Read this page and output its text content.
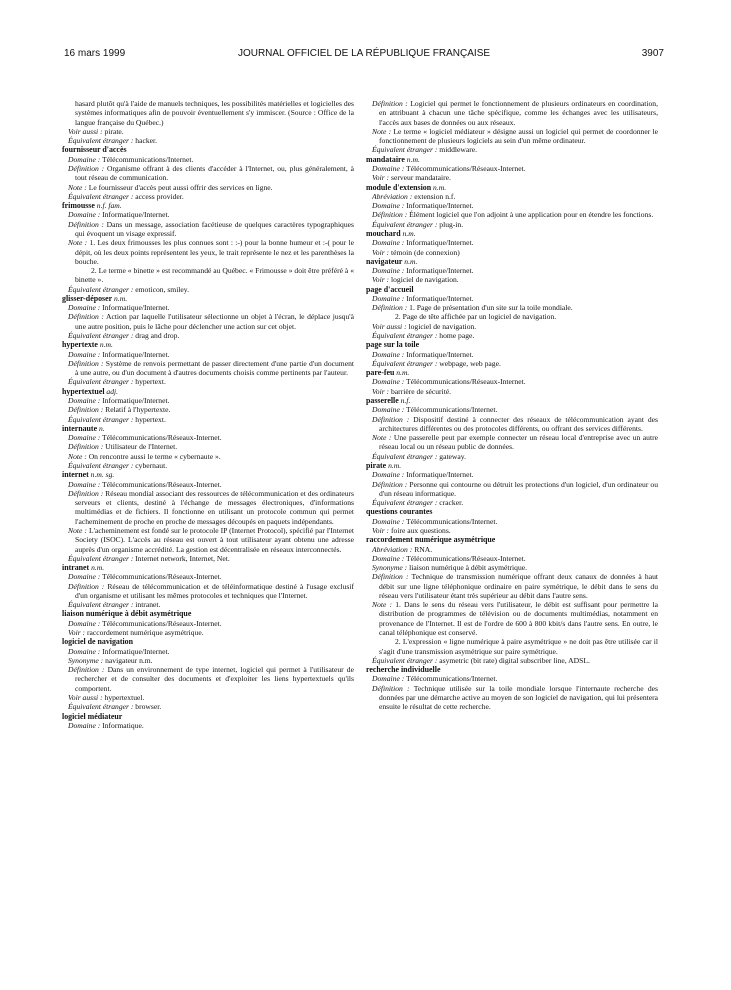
16 mars 1999	JOURNAL OFFICIEL DE LA RÉPUBLIQUE FRANÇAISE	3907
hasard plutôt qu'à l'aide de manuels techniques, les possibilités matérielles et logicielles des systèmes informatiques afin de pouvoir éventuellement s'y immiscer. (Source : Office de la langue française du Québec.)
Voir aussi : pirate.
Équivalent étranger : hacker.
fournisseur d'accès
Domaine : Télécommunications/Internet.
Définition : Organisme offrant à des clients d'accéder à l'Internet, ou, plus généralement, à tout réseau de communication.
Note : Le fournisseur d'accès peut aussi offrir des services en ligne.
Équivalent étranger : access provider.
frimousse n.f. fam.
Domaine : Informatique/Internet.
Définition : Dans un message, association facétieuse de quelques caractères typographiques qui évoquent un visage expressif.
Note : 1. Les deux frimousses les plus connues sont : :-) pour la bonne humeur et :-( pour le dépit, où les deux points représentent les yeux, le trait représente le nez et les parenthèses la bouche.
2. Le terme « binette » est recommandé au Québec. « Frimousse » doit être préféré à « binette ».
Équivalent étranger : emoticon, smiley.
glisser-déposer n.m.
Domaine : Informatique/Internet.
Définition : Action par laquelle l'utilisateur sélectionne un objet à l'écran, le déplace jusqu'à une autre position, puis le lâche pour déclencher une action sur cet objet.
Équivalent étranger : drag and drop.
hypertexte n.m.
Domaine : Informatique/Internet.
Définition : Système de renvois permettant de passer directement d'une partie d'un document à une autre, ou d'un document à d'autres documents choisis comme pertinents par l'auteur.
Équivalent étranger : hypertext.
hypertextuel adj.
Domaine : Informatique/Internet.
Définition : Relatif à l'hypertexte.
Équivalent étranger : hypertext.
internaute n.
Domaine : Télécommunications/Réseaux-Internet.
Définition : Utilisateur de l'Internet.
Note : On rencontre aussi le terme « cybernaute ».
Équivalent étranger : cybernaut.
internet n.m. sg.
Domaine : Télécommunications/Réseaux-Internet.
Définition : Réseau mondial associant des ressources de télécommunication et des ordinateurs serveurs et clients, destiné à l'échange de messages électroniques, d'informations multimédias et de fichiers. Il fonctionne en utilisant un protocole commun qui permet l'acheminement de proche en proche de messages découpés en paquets indépendants.
Note : L'acheminement est fondé sur le protocole IP (Internet Protocol), spécifié par l'Internet Society (ISOC). L'accès au réseau est ouvert à tout utilisateur ayant obtenu une adresse auprès d'un organisme accrédité. La gestion est décentralisée en réseaux interconnectés.
Équivalent étranger : Internet network, Internet, Net.
intranet n.m.
Domaine : Télécommunications/Réseaux-Internet.
Définition : Réseau de télécommunication et de téléinformatique destiné à l'usage exclusif d'un organisme et utilisant les mêmes protocoles et techniques que l'Internet.
Équivalent étranger : intranet.
liaison numérique à débit asymétrique
Domaine : Télécommunications/Réseaux-Internet.
Voir : raccordement numérique asymétrique.
logiciel de navigation
Domaine : Informatique/Internet.
Synonyme : navigateur n.m.
Définition : Dans un environnement de type internet, logiciel qui permet à l'utilisateur de rechercher et de consulter des documents et d'exploiter les liens hypertextuels qu'ils comportent.
Voir aussi : hypertextuel.
Équivalent étranger : browser.
logiciel médiateur
Domaine : Informatique.
Définition : Logiciel qui permet le fonctionnement de plusieurs ordinateurs en coordination, en attribuant à chacun une tâche spécifique, comme les échanges avec les utilisateurs, l'accès aux bases de données ou aux réseaux.
Note : Le terme « logiciel médiateur » désigne aussi un logiciel qui permet de coordonner le fonctionnement de plusieurs logiciels au sein d'un même ordinateur.
Équivalent étranger : middleware.
mandataire n.m.
Domaine : Télécommunications/Réseaux-Internet.
Voir : serveur mandataire.
module d'extension n.m.
Abréviation : extension n.f.
Domaine : Informatique/Internet.
Définition : Élément logiciel que l'on adjoint à une application pour en étendre les fonctions.
Équivalent étranger : plug-in.
mouchard n.m.
Domaine : Informatique/Internet.
Voir : témoin (de connexion)
navigateur n.m.
Domaine : Informatique/Internet.
Voir : logiciel de navigation.
page d'accueil
Domaine : Informatique/Internet.
Définition : 1. Page de présentation d'un site sur la toile mondiale.
2. Page de tête affichée par un logiciel de navigation.
Voir aussi : logiciel de navigation.
Équivalent étranger : home page.
page sur la toile
Domaine : Informatique/Internet.
Équivalent étranger : webpage, web page.
pare-feu n.m.
Domaine : Télécommunications/Réseaux-Internet.
Voir : barrière de sécurité.
passerelle n.f.
Domaine : Télécommunications/Internet.
Définition : Dispositif destiné à connecter des réseaux de télécommunication ayant des architectures différentes ou des protocoles différents, ou offrant des services différents.
Note : Une passerelle peut par exemple connecter un réseau local d'entreprise avec un autre réseau local ou un réseau public de données.
Équivalent étranger : gateway.
pirate n.m.
Domaine : Informatique/Internet.
Définition : Personne qui contourne ou détruit les protections d'un logiciel, d'un ordinateur ou d'un réseau informatique.
Équivalent étranger : cracker.
questions courantes
Domaine : Télécommunications/Internet.
Voir : foire aux questions.
raccordement numérique asymétrique
Abréviation : RNA.
Domaine : Télécommunications/Réseaux-Internet.
Synonyme : liaison numérique à débit asymétrique.
Définition : Technique de transmission numérique offrant deux canaux de données à haut débit sur une ligne téléphonique ordinaire en paire symétrique, le débit dans le sens du réseau vers l'utilisateur étant très supérieur au débit dans l'autre sens.
Note : 1. Dans le sens du réseau vers l'utilisateur, le débit est suffisant pour permettre la distribution de programmes de télévision ou de documents multimédias, notamment en provenance de l'Internet. Il est de l'ordre de 600 à 800 kbit/s dans l'autre sens. En outre, le canal téléphonique est conservé.
2. L'expression « ligne numérique à paire asymétrique » ne doit pas être utilisée car il s'agit d'une transmission asymétrique sur paire symétrique.
Équivalent étranger : asymetric (bit rate) digital subscriber line, ADSL.
recherche individuelle
Domaine : Télécommunications/Internet.
Définition : Technique utilisée sur la toile mondiale lorsque l'internaute recherche des données par une démarche active au moyen de son logiciel de navigation, qui lui présentera ensuite le résultat de cette recherche.
